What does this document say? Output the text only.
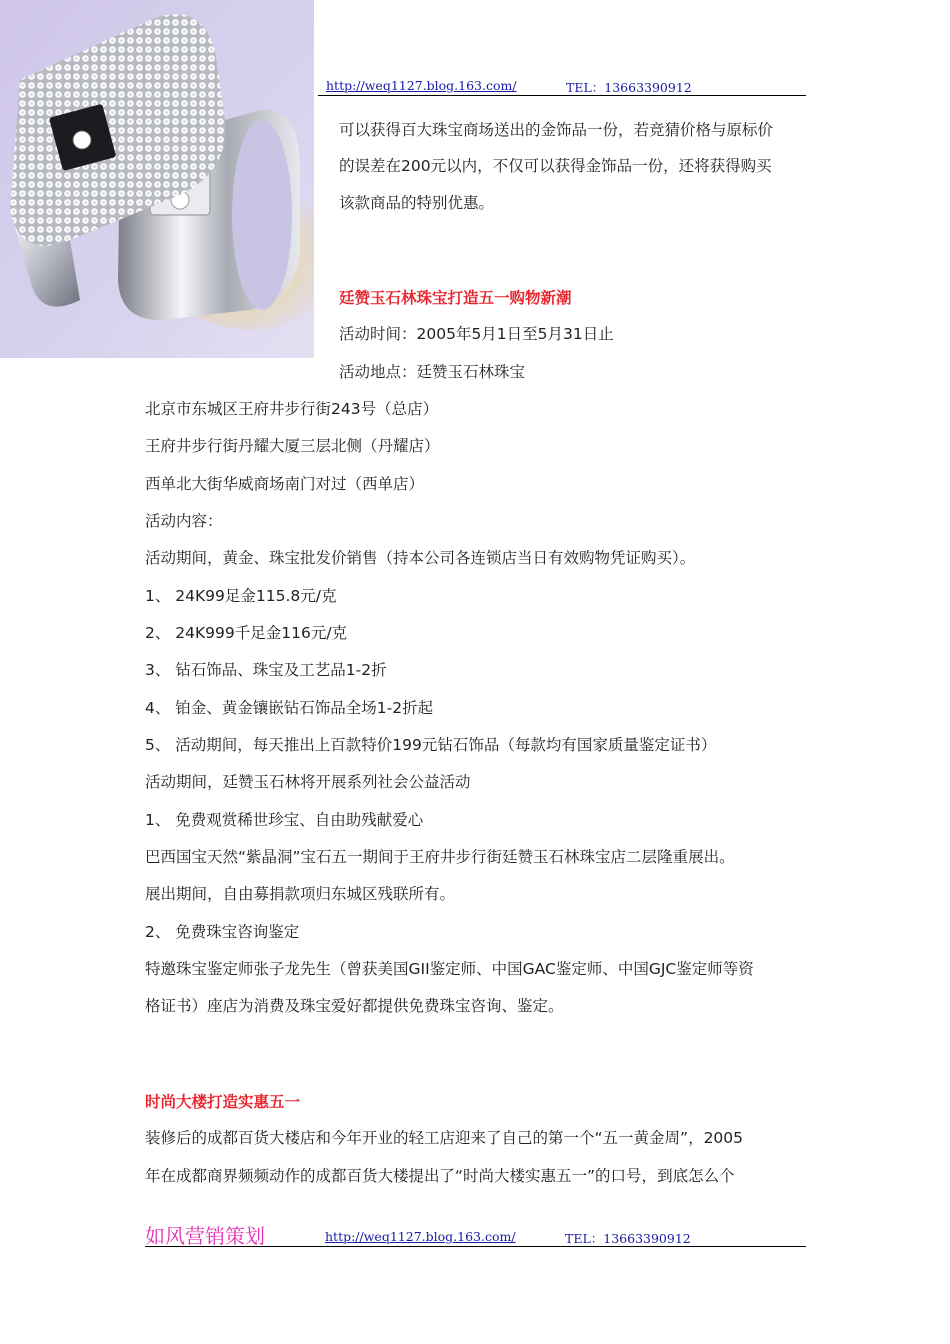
http://weq1127.blog.163.com/	TEL：13663390912
可以获得百大珠宝商场送出的金饰品一份，若竞猜价格与原标价
的误差在200元以内，不仅可以获得金饰品一份，还将获得购买
该款商品的特别优惠。
廷赞玉石林珠宝打造五一购物新潮
活动时间：2005年5月1日至5月31日止
活动地点：廷赞玉石林珠宝
北京市东城区王府井步行街243号（总店）
王府井步行街丹耀大厦三层北侧（丹耀店）
西单北大街华威商场南门对过（西单店）
活动内容：
活动期间，黄金、珠宝批发价销售（持本公司各连锁店当日有效购物凭证购买）。
1、 24K99足金115.8元/克
2、 24K999千足金116元/克
3、 钻石饰品、珠宝及工艺品1-2折
4、 铂金、黄金镶嵌钻石饰品全场1-2折起
5、 活动期间，每天推出上百款特价199元钻石饰品（每款均有国家质量鉴定证书）
活动期间，廷赞玉石林将开展系列社会公益活动
1、 免费观赏稀世珍宝、自由助残献爱心
巴西国宝天然“紫晶洞”宝石五一期间于王府井步行街廷赞玉石林珠宝店二层隆重展出。
展出期间，自由募捐款项归东城区残联所有。
2、 免费珠宝咨询鉴定
特邀珠宝鉴定师张子龙先生（曾获美国GII鉴定师、中国GAC鉴定师、中国GJC鉴定师等资
格证书）座店为消费及珠宝爱好都提供免费珠宝咨询、鉴定。
时尚大楼打造实惠五一
装修后的成都百货大楼店和今年开业的轻工店迎来了自己的第一个“五一黄金周”，2005
年在成都商界频频动作的成都百货大楼提出了“时尚大楼实惠五一”的口号，到底怎么个
如风营销策划	http://weq1127.blog.163.com/	TEL：13663390912
